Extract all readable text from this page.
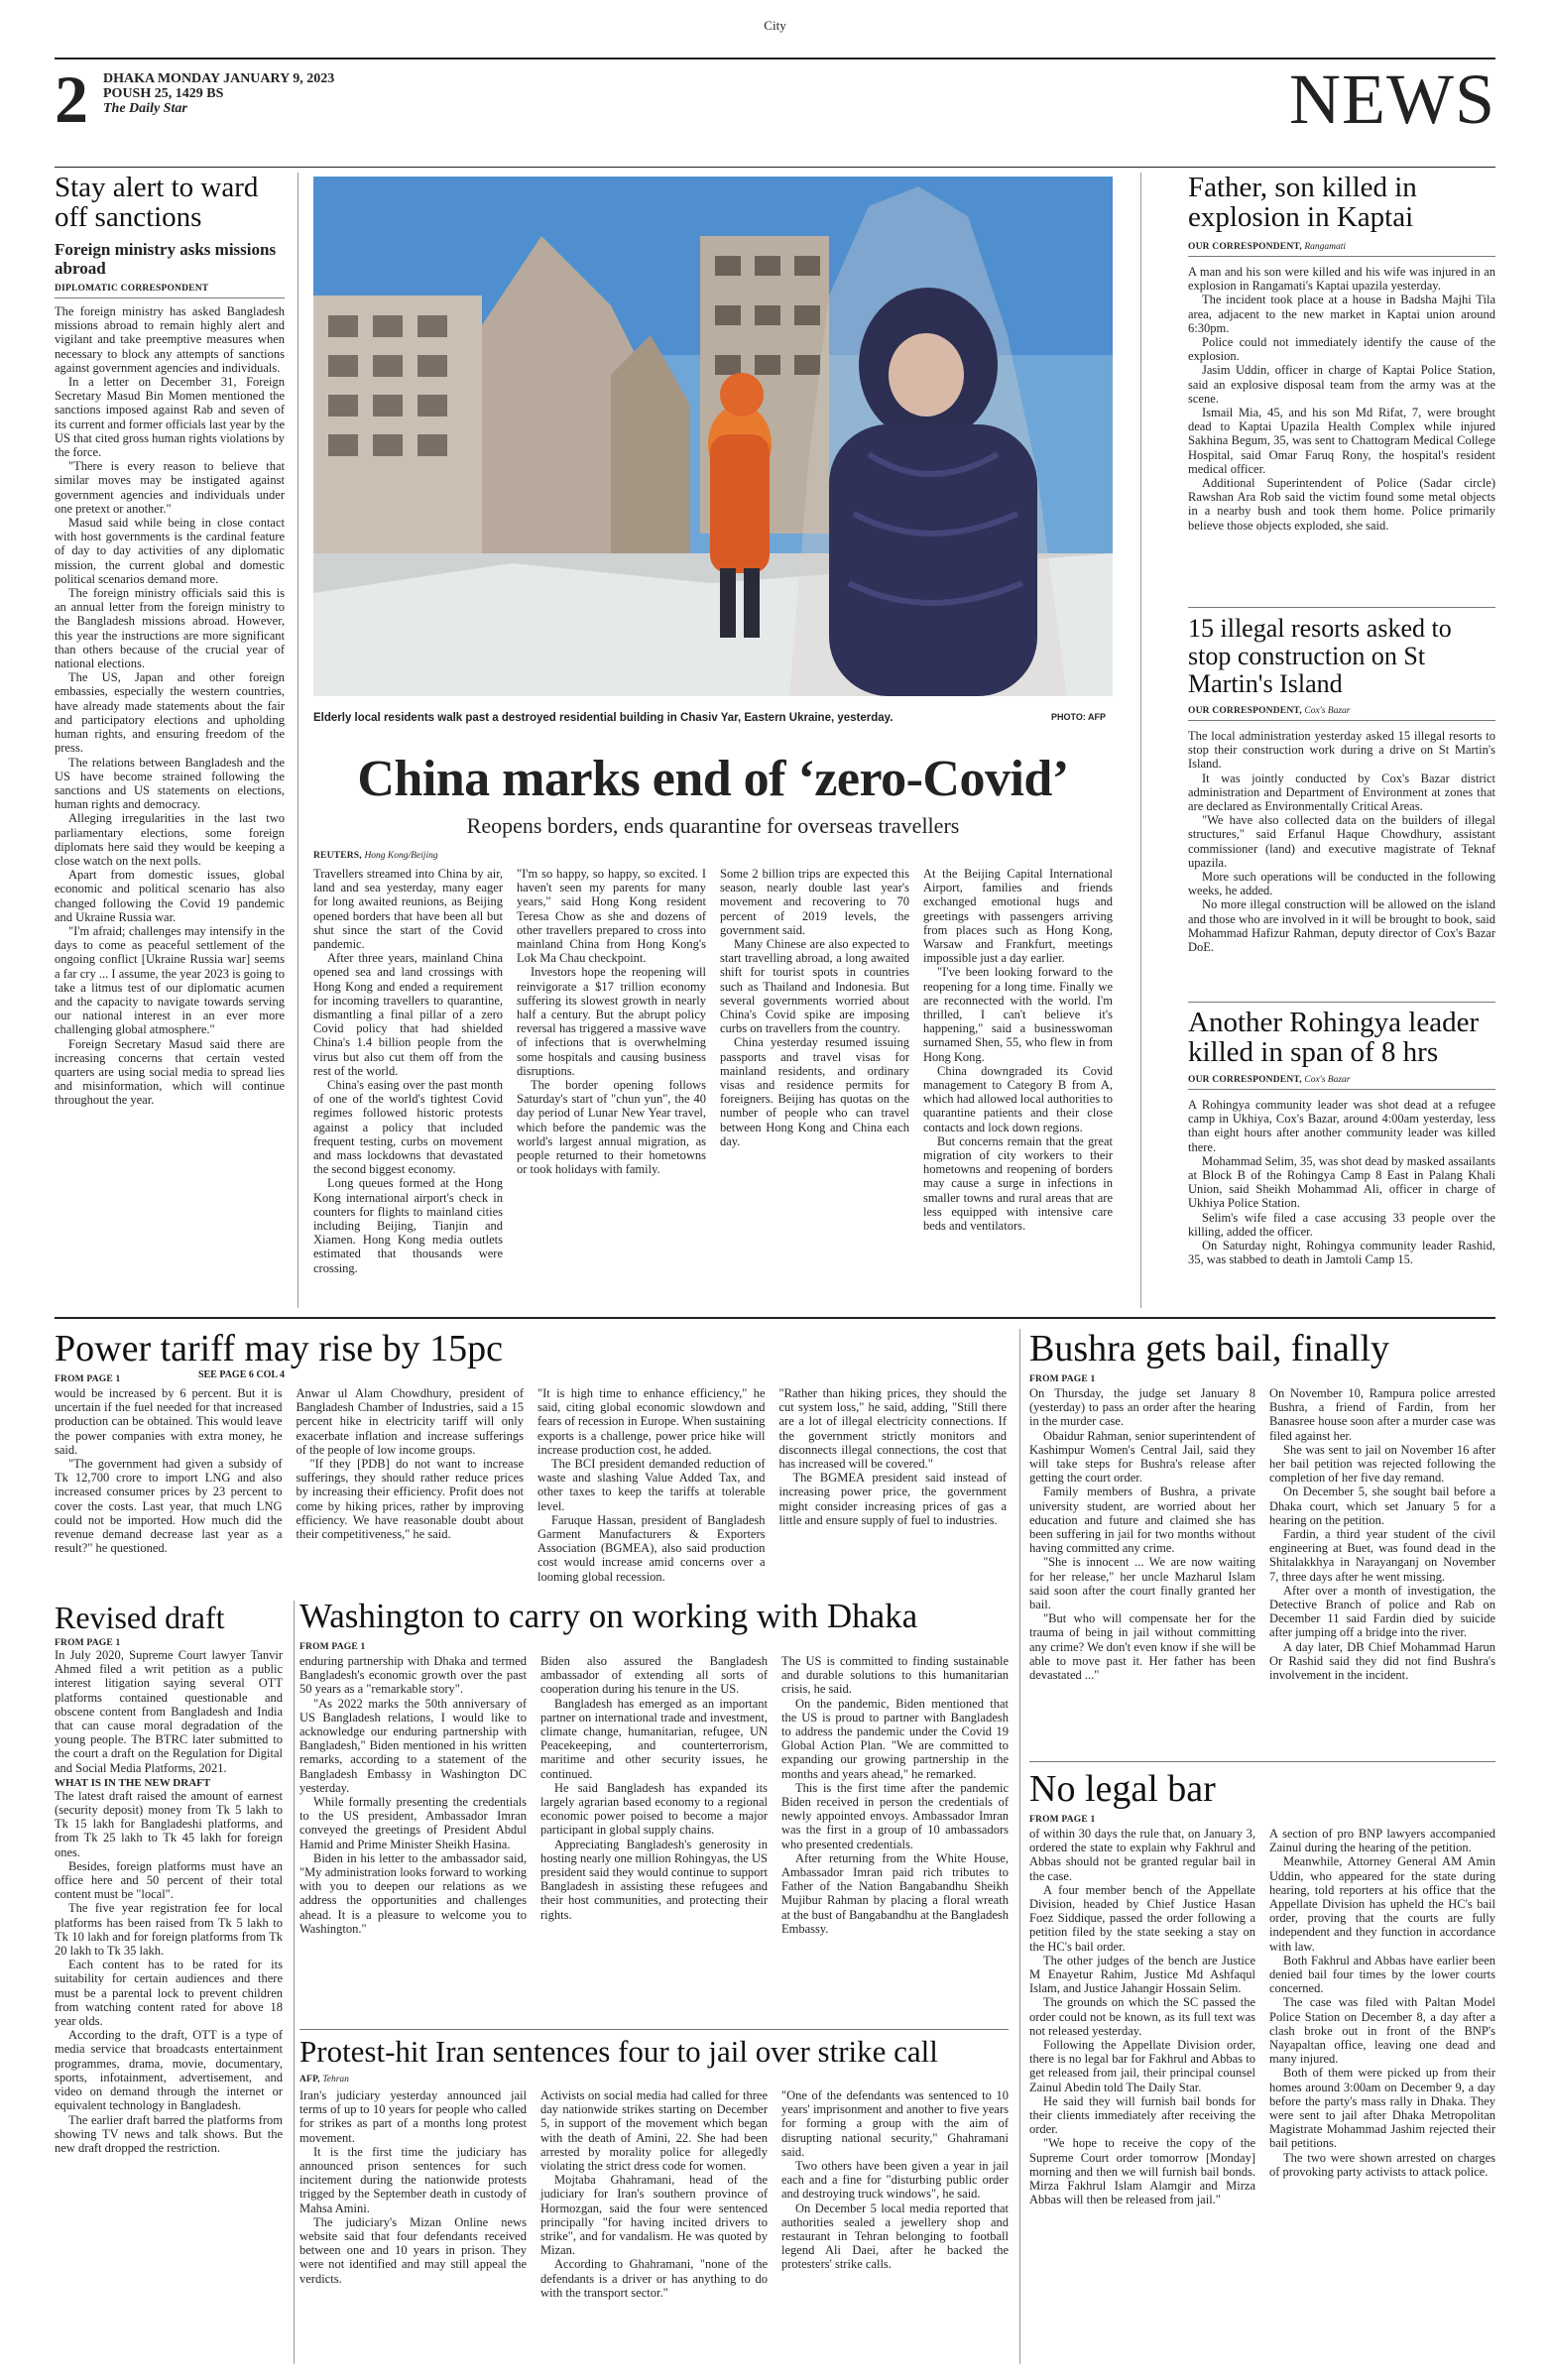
City
2 DHAKA MONDAY JANUARY 9, 2023
POUSH 25, 1429 BS
The Daily Star	NEWS
Stay alert to ward off sanctions
Foreign ministry asks missions abroad
DIPLOMATIC CORRESPONDENT

The foreign ministry has asked Bangladesh missions abroad to remain highly alert and vigilant and take preemptive measures when necessary to block any attempts of sanctions against government agencies and individuals.

In a letter on December 31, Foreign Secretary Masud Bin Momen mentioned the sanctions imposed against Rab and seven of its current and former officials last year by the US that cited gross human rights violations by the force.

"There is every reason to believe that similar moves may be instigated against government agencies and individuals under one pretext or another."

Masud said while being in close contact with host governments is the cardinal feature of day to day activities of any diplomatic mission, the current global and domestic political scenarios demand more.

The foreign ministry officials said this is an annual letter from the foreign ministry to the Bangladesh missions abroad. However, this year the instructions are more significant than others because of the crucial year of national elections.

The US, Japan and other foreign embassies, especially the western countries, have already made statements about the fair and participatory elections and upholding human rights, and ensuring freedom of the press.

The relations between Bangladesh and the US have become strained following the sanctions and US statements on elections, human rights and democracy.

Alleging irregularities in the last two parliamentary elections, some foreign diplomats here said they would be keeping a close watch on the next polls.

Apart from domestic issues, global economic and political scenario has also changed following the Covid 19 pandemic and Ukraine Russia war.

"I'm afraid; challenges may intensify in the days to come as peaceful settlement of the ongoing conflict [Ukraine Russia war] seems a far cry ... I assume, the year 2023 is going to take a litmus test of our diplomatic acumen and the capacity to navigate towards serving our national interest in an ever more challenging global atmosphere."

Foreign Secretary Masud said there are increasing concerns that certain vested quarters are using social media to spread lies and misinformation, which will continue throughout the year.

SEE PAGE 6 COL 4
Elderly local residents walk past a destroyed residential building in Chasiv Yar, Eastern Ukraine, yesterday.	PHOTO: AFP
China marks end of ‘zero-Covid’
Reopens borders, ends quarantine for overseas travellers
REUTERS, Hong Kong/Beijing

Travellers streamed into China by air, land and sea yesterday, many eager for long awaited reunions, as Beijing opened borders that have been all but shut since the start of the Covid pandemic.

After three years, mainland China opened sea and land crossings with Hong Kong and ended a requirement for incoming travellers to quarantine, dismantling a final pillar of a zero Covid policy that had shielded China's 1.4 billion people from the virus but also cut them off from the rest of the world.

China's easing over the past month of one of the world's tightest Covid regimes followed historic protests against a policy that included frequent testing, curbs on movement and mass lockdowns that devastated the second biggest economy.

Long queues formed at the Hong Kong international airport's check in counters for flights to mainland cities including Beijing, Tianjin and Xiamen. Hong Kong media outlets estimated that thousands were crossing.

"I'm so happy, so happy, so excited. I haven't seen my parents for many years," said Hong Kong resident Teresa Chow as she and dozens of other travellers prepared to cross into mainland China from Hong Kong's Lok Ma Chau checkpoint.

Investors hope the reopening will reinvigorate a $17 trillion economy suffering its slowest growth in nearly half a century. But the abrupt policy reversal has triggered a massive wave of infections that is overwhelming some hospitals and causing business disruptions.

The border opening follows Saturday's start of "chun yun", the 40 day period of Lunar New Year travel, which before the pandemic was the world's largest annual migration, as people returned to their hometowns or took holidays with family.

Some 2 billion trips are expected this season, nearly double last year's movement and recovering to 70 percent of 2019 levels, the government said.

Many Chinese are also expected to start travelling abroad, a long awaited shift for tourist spots in countries such as Thailand and Indonesia. But several governments worried about China's Covid spike are imposing curbs on travellers from the country.

China yesterday resumed issuing passports and travel visas for mainland residents, and ordinary visas and residence permits for foreigners. Beijing has quotas on the number of people who can travel between Hong Kong and China each day.

At the Beijing Capital International Airport, families and friends exchanged emotional hugs and greetings with passengers arriving from places such as Hong Kong, Warsaw and Frankfurt, meetings impossible just a day earlier.

"I've been looking forward to the reopening for a long time. Finally we are reconnected with the world. I'm thrilled, I can't believe it's happening," said a businesswoman surnamed Shen, 55, who flew in from Hong Kong.

China downgraded its Covid management to Category B from A, which had allowed local authorities to quarantine patients and their close contacts and lock down regions.

But concerns remain that the great migration of city workers to their hometowns and reopening of borders may cause a surge in infections in smaller towns and rural areas that are less equipped with intensive care beds and ventilators.

Father, son killed in explosion in Kaptai
OUR CORRESPONDENT, Rangamati

A man and his son were killed and his wife was injured in an explosion in Rangamati's Kaptai upazila yesterday.

The incident took place at a house in Badsha Majhi Tila area, adjacent to the new market in Kaptai union around 6:30pm.

Police could not immediately identify the cause of the explosion.

Jasim Uddin, officer in charge of Kaptai Police Station, said an explosive disposal team from the army was at the scene.

Ismail Mia, 45, and his son Md Rifat, 7, were brought dead to Kaptai Upazila Health Complex while injured Sakhina Begum, 35, was sent to Chattogram Medical College Hospital, said Omar Faruq Rony, the hospital's resident medical officer.

Additional Superintendent of Police (Sadar circle) Rawshan Ara Rob said the victim found some metal objects in a nearby bush and took them home. Police primarily believe those objects exploded, she said.

15 illegal resorts asked to stop construction on St Martin's Island
OUR CORRESPONDENT, Cox's Bazar

The local administration yesterday asked 15 illegal resorts to stop their construction work during a drive on St Martin's Island.

It was jointly conducted by Cox's Bazar district administration and Department of Environment at zones that are declared as Environmentally Critical Areas.

"We have also collected data on the builders of illegal structures," said Erfanul Haque Chowdhury, assistant commissioner (land) and executive magistrate of Teknaf upazila.

More such operations will be conducted in the following weeks, he added.

No more illegal construction will be allowed on the island and those who are involved in it will be brought to book, said Mohammad Hafizur Rahman, deputy director of Cox's Bazar DoE.

Another Rohingya leader killed in span of 8 hrs
OUR CORRESPONDENT, Cox's Bazar

A Rohingya community leader was shot dead at a refugee camp in Ukhiya, Cox's Bazar, around 4:00am yesterday, less than eight hours after another community leader was killed there.

Mohammad Selim, 35, was shot dead by masked assailants at Block B of the Rohingya Camp 8 East in Palang Khali Union, said Sheikh Mohammad Ali, officer in charge of Ukhiya Police Station.

Selim's wife filed a case accusing 33 people over the killing, added the officer.

On Saturday night, Rohingya community leader Rashid, 35, was stabbed to death in Jamtoli Camp 15.

Power tariff may rise by 15pc
FROM PAGE 1

would be increased by 6 percent. But it is uncertain if the fuel needed for that increased production can be obtained. This would leave the power companies with extra money, he said.

"The government had given a subsidy of Tk 12,700 crore to import LNG and also increased consumer prices by 23 percent to cover the costs. Last year, that much LNG could not be imported. How much did the revenue demand decrease last year as a result?" he questioned.

Anwar ul Alam Chowdhury, president of Bangladesh Chamber of Industries, said a 15 percent hike in electricity tariff will only exacerbate inflation and increase sufferings of the people of low income groups.

"If they [PDB] do not want to increase sufferings, they should rather reduce prices by increasing their efficiency. Profit does not come by hiking prices, rather by improving efficiency. We have reasonable doubt about their competitiveness," he said.

"It is high time to enhance efficiency," he said, citing global economic slowdown and fears of recession in Europe. When sustaining exports is a challenge, power price hike will increase production cost, he added.

The BCI president demanded reduction of waste and slashing Value Added Tax, and other taxes to keep the tariffs at tolerable level.

Faruque Hassan, president of Bangladesh Garment Manufacturers & Exporters Association (BGMEA), also said production cost would increase amid concerns over a looming global recession.

"Rather than hiking prices, they should the cut system loss," he said, adding, "Still there are a lot of illegal electricity connections. If the government strictly monitors and disconnects illegal connections, the cost that has increased will be covered."

The BGMEA president said instead of increasing power price, the government might consider increasing prices of gas a little and ensure supply of fuel to industries.

Revised draft
FROM PAGE 1

In July 2020, Supreme Court lawyer Tanvir Ahmed filed a writ petition as a public interest litigation saying several OTT platforms contained questionable and obscene content from Bangladesh and India that can cause moral degradation of the young people. The BTRC later submitted to the court a draft on the Regulation for Digital and Social Media Platforms, 2021.

WHAT IS IN THE NEW DRAFT

The latest draft raised the amount of earnest (security deposit) money from Tk 5 lakh to Tk 15 lakh for Bangladeshi platforms, and from Tk 25 lakh to Tk 45 lakh for foreign ones.

Besides, foreign platforms must have an office here and 50 percent of their total content must be "local".

The five year registration fee for local platforms has been raised from Tk 5 lakh to Tk 10 lakh and for foreign platforms from Tk 20 lakh to Tk 35 lakh.

Each content has to be rated for its suitability for certain audiences and there must be a parental lock to prevent children from watching content rated for above 18 year olds.

According to the draft, OTT is a type of media service that broadcasts entertainment programmes, drama, movie, documentary, sports, infotainment, advertisement, and video on demand through the internet or equivalent technology in Bangladesh.

The earlier draft barred the platforms from showing TV news and talk shows. But the new draft dropped the restriction.

Washington to carry on working with Dhaka
FROM PAGE 1

enduring partnership with Dhaka and termed Bangladesh's economic growth over the past 50 years as a "remarkable story".

"As 2022 marks the 50th anniversary of US Bangladesh relations, I would like to acknowledge our enduring partnership with Bangladesh," Biden mentioned in his written remarks, according to a statement of the Bangladesh Embassy in Washington DC yesterday.

While formally presenting the credentials to the US president, Ambassador Imran conveyed the greetings of President Abdul Hamid and Prime Minister Sheikh Hasina.

Biden in his letter to the ambassador said, "My administration looks forward to working with you to deepen our relations as we address the opportunities and challenges ahead. It is a pleasure to welcome you to Washington."

Biden also assured the Bangladesh ambassador of extending all sorts of cooperation during his tenure in the US.

Bangladesh has emerged as an important partner on international trade and investment, climate change, humanitarian, refugee, UN Peacekeeping, and counterterrorism, maritime and other security issues, he continued.

He said Bangladesh has expanded its largely agrarian based economy to a regional economic power poised to become a major participant in global supply chains.

Appreciating Bangladesh's generosity in hosting nearly one million Rohingyas, the US president said they would continue to support Bangladesh in assisting these refugees and their host communities, and protecting their rights.

The US is committed to finding sustainable and durable solutions to this humanitarian crisis, he said.

On the pandemic, Biden mentioned that the US is proud to partner with Bangladesh to address the pandemic under the Covid 19 Global Action Plan. "We are committed to expanding our growing partnership in the months and years ahead," he remarked.

This is the first time after the pandemic Biden received in person the credentials of newly appointed envoys. Ambassador Imran was the first in a group of 10 ambassadors who presented credentials.

After returning from the White House, Ambassador Imran paid rich tributes to Father of the Nation Bangabandhu Sheikh Mujibur Rahman by placing a floral wreath at the bust of Bangabandhu at the Bangladesh Embassy.

Protest-hit Iran sentences four to jail over strike call
AFP, Tehran

Iran's judiciary yesterday announced jail terms of up to 10 years for people who called for strikes as part of a months long protest movement.

It is the first time the judiciary has announced prison sentences for such incitement during the nationwide protests trigged by the September death in custody of Mahsa Amini.

The judiciary's Mizan Online news website said that four defendants received between one and 10 years in prison. They were not identified and may still appeal the verdicts.

Activists on social media had called for three day nationwide strikes starting on December 5, in support of the movement which began with the death of Amini, 22. She had been arrested by morality police for allegedly violating the strict dress code for women.

Mojtaba Ghahramani, head of the judiciary for Iran's southern province of Hormozgan, said the four were sentenced principally "for having incited drivers to strike", and for vandalism. He was quoted by Mizan.

According to Ghahramani, "none of the defendants is a driver or has anything to do with the transport sector."

"One of the defendants was sentenced to 10 years' imprisonment and another to five years for forming a group with the aim of disrupting national security," Ghahramani said.

Two others have been given a year in jail each and a fine for "disturbing public order and destroying truck windows", he said.

On December 5 local media reported that authorities sealed a jewellery shop and restaurant in Tehran belonging to football legend Ali Daei, after he backed the protesters' strike calls.

Bushra gets bail, finally
FROM PAGE 1

On Thursday, the judge set January 8 (yesterday) to pass an order after the hearing in the murder case.

Obaidur Rahman, senior superintendent of Kashimpur Women's Central Jail, said they will take steps for Bushra's release after getting the court order.

Family members of Bushra, a private university student, are worried about her education and future and claimed she has been suffering in jail for two months without having committed any crime.

"She is innocent ... We are now waiting for her release," her uncle Mazharul Islam said soon after the court finally granted her bail.

"But who will compensate her for the trauma of being in jail without committing any crime? We don't even know if she will be able to move past it. Her father has been devastated ..."

On November 10, Rampura police arrested Bushra, a friend of Fardin, from her Banasree house soon after a murder case was filed against her.

She was sent to jail on November 16 after her bail petition was rejected following the completion of her five day remand.

On December 5, she sought bail before a Dhaka court, which set January 5 for a hearing on the petition.

Fardin, a third year student of the civil engineering at Buet, was found dead in the Shitalakkhya in Narayanganj on November 7, three days after he went missing.

After over a month of investigation, the Detective Branch of police and Rab on December 11 said Fardin died by suicide after jumping off a bridge into the river.

A day later, DB Chief Mohammad Harun Or Rashid said they did not find Bushra's involvement in the incident.

No legal bar
FROM PAGE 1

of within 30 days the rule that, on January 3, ordered the state to explain why Fakhrul and Abbas should not be granted regular bail in the case.

A four member bench of the Appellate Division, headed by Chief Justice Hasan Foez Siddique, passed the order following a petition filed by the state seeking a stay on the HC's bail order.

The other judges of the bench are Justice M Enayetur Rahim, Justice Md Ashfaqul Islam, and Justice Jahangir Hossain Selim.

The grounds on which the SC passed the order could not be known, as its full text was not released yesterday.

Following the Appellate Division order, there is no legal bar for Fakhrul and Abbas to get released from jail, their principal counsel Zainul Abedin told The Daily Star.

He said they will furnish bail bonds for their clients immediately after receiving the order.

"We hope to receive the copy of the Supreme Court order tomorrow [Monday] morning and then we will furnish bail bonds. Mirza Fakhrul Islam Alamgir and Mirza Abbas will then be released from jail."

A section of pro BNP lawyers accompanied Zainul during the hearing of the petition.

Meanwhile, Attorney General AM Amin Uddin, who appeared for the state during hearing, told reporters at his office that the Appellate Division has upheld the HC's bail order, proving that the courts are fully independent and they function in accordance with law.

Both Fakhrul and Abbas have earlier been denied bail four times by the lower courts concerned.

The case was filed with Paltan Model Police Station on December 8, a day after a clash broke out in front of the BNP's Nayapaltan office, leaving one dead and many injured.

Both of them were picked up from their homes around 3:00am on December 9, a day before the party's mass rally in Dhaka. They were sent to jail after Dhaka Metropolitan Magistrate Mohammad Jashim rejected their bail petitions.

The two were shown arrested on charges of provoking party activists to attack police.
